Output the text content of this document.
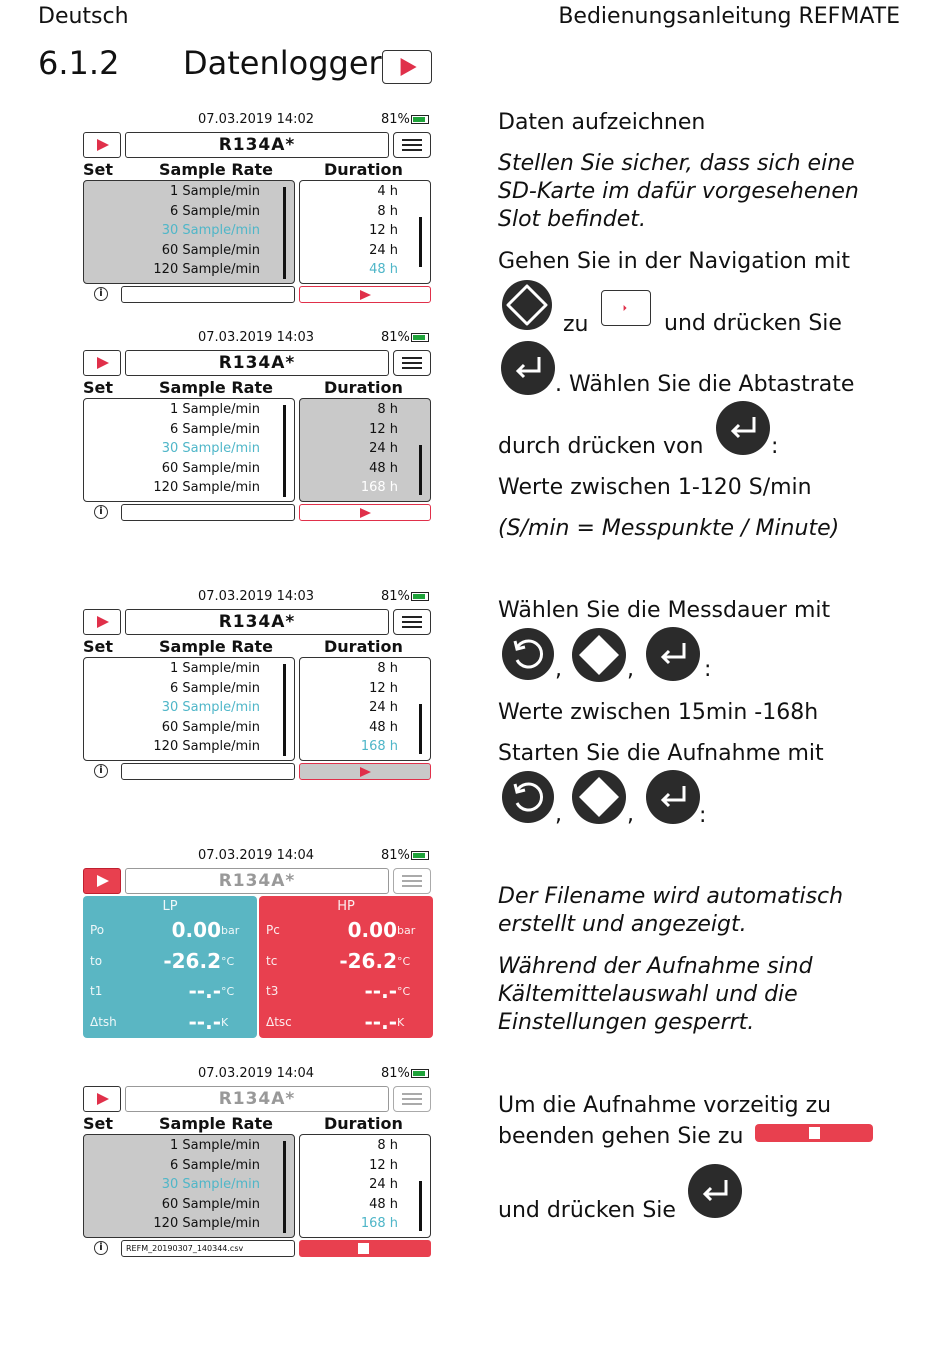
Deutsch	Bedienungsanleitung REFMATE
6.1.2 Datenlogger
07.03.2019 14:02	81%
R134A*
Set	Sample Rate	Duration
1 Sample/min
6 Sample/min
30 Sample/min
60 Sample/min
120 Sample/min
4 h
8 h
12 h
24 h
48 h
i
07.03.2019 14:03	81%
R134A*
Set	Sample Rate	Duration
1 Sample/min
6 Sample/min
30 Sample/min
60 Sample/min
120 Sample/min
8 h
12 h
24 h
48 h
168 h
i
07.03.2019 14:03	81%
R134A*
Set	Sample Rate	Duration
1 Sample/min
6 Sample/min
30 Sample/min
60 Sample/min
120 Sample/min
8 h
12 h
24 h
48 h
168 h
i
07.03.2019 14:04	81%
R134A*
LP
Po	0.00 bar
to	-26.2 °C
t1	--.- °C
Δtsh	--.- K
HP
Pc	0.00 bar
tc	-26.2 °C
t3	--.- °C
Δtsc	--.- K
07.03.2019 14:04	81%
R134A*
Set	Sample Rate	Duration
1 Sample/min
6 Sample/min
30 Sample/min
60 Sample/min
120 Sample/min
8 h
12 h
24 h
48 h
168 h
i	REFM_20190307_140344.csv
Daten aufzeichnen
Stellen Sie sicher, dass sich eine
SD-Karte im dafür vorgesehenen
Slot befindet.
Gehen Sie in der Navigation mit
zu	und drücken Sie
. Wählen Sie die Abtastrate
durch drücken von	:
Werte zwischen 1-120 S/min
(S/min = Messpunkte / Minute)
Wählen Sie die Messdauer mit
,	,	:
Werte zwischen 15min -168h
Starten Sie die Aufnahme mit
,	,	:
Der Filename wird automatisch
erstellt und angezeigt.
Während der Aufnahme sind
Kältemittelauswahl und die
Einstellungen gesperrt.
Um die Aufnahme vorzeitig zu
beenden gehen Sie zu
und drücken Sie
